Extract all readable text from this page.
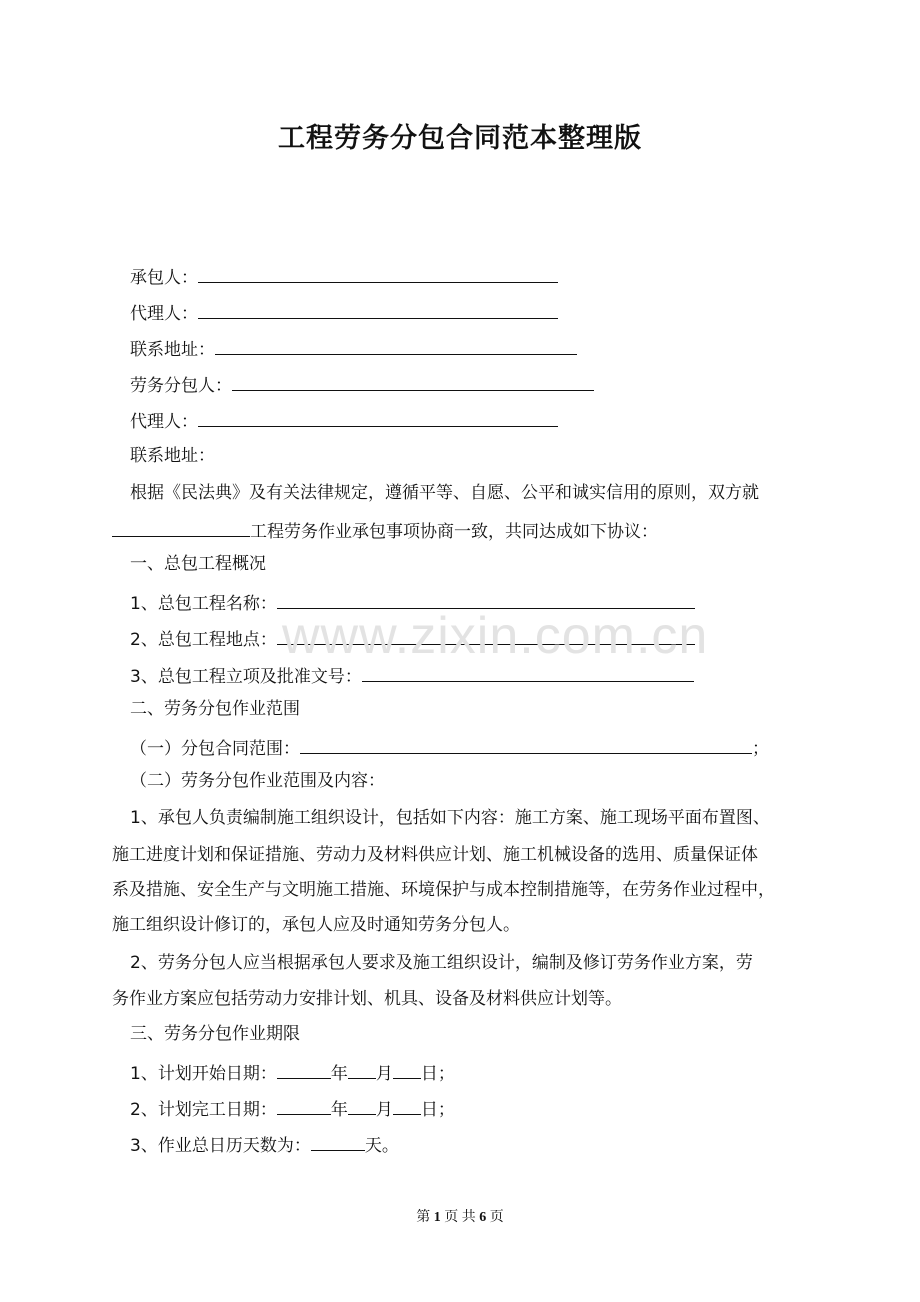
工程劳务分包合同范本整理版
承包人：
代理人：
联系地址：
劳务分包人：
代理人：
联系地址：
根据《民法典》及有关法律规定，遵循平等、自愿、公平和诚实信用的原则，双方就
工程劳务作业承包事项协商一致，共同达成如下协议：
一、总包工程概况
1、总包工程名称：
2、总包工程地点：
3、总包工程立项及批准文号：
二、劳务分包作业范围
（一）分包合同范围：	；
（二）劳务分包作业范围及内容：
1、承包人负责编制施工组织设计，包括如下内容：施工方案、施工现场平面布置图、
施工进度计划和保证措施、劳动力及材料供应计划、施工机械设备的选用、质量保证体
系及措施、安全生产与文明施工措施、环境保护与成本控制措施等，在劳务作业过程中，
施工组织设计修订的，承包人应及时通知劳务分包人。
2、劳务分包人应当根据承包人要求及施工组织设计，编制及修订劳务作业方案，劳
务作业方案应包括劳动力安排计划、机具、设备及材料供应计划等。
三、劳务分包作业期限
1、计划开始日期：	年 月 日；
2、计划完工日期：	年 月 日；
3、作业总日历天数为：	天。
www.zixin.com.cn
第 1 页 共 6 页
